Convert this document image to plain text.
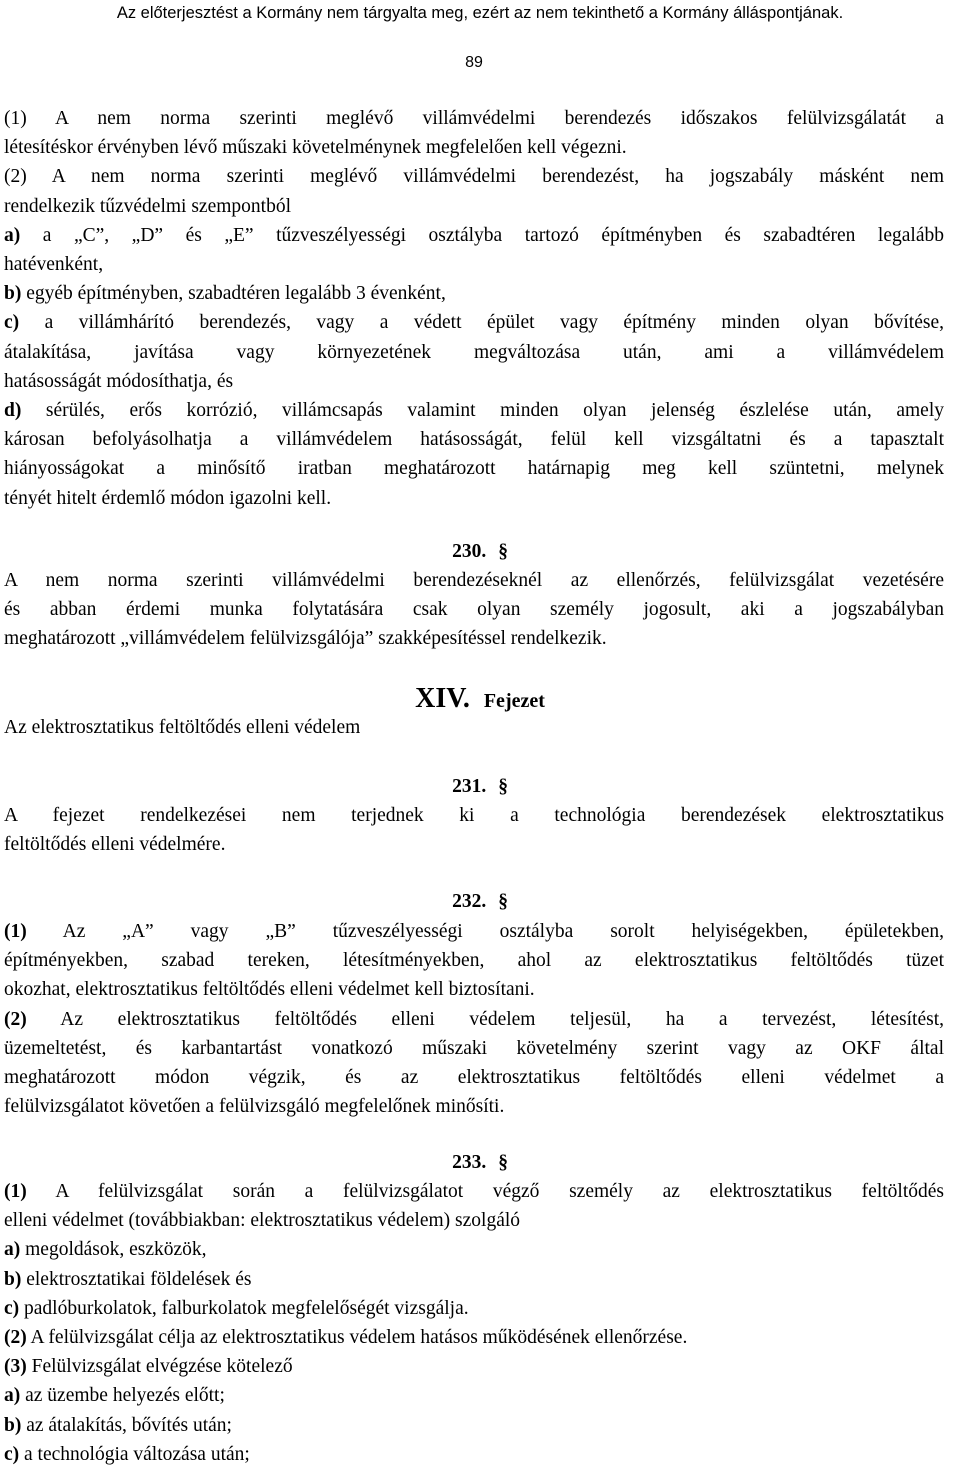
Az előterjesztést a Kormány nem tárgyalta meg, ezért az nem tekinthető a Kormány álláspontjának.
89
(1) A nem norma szerinti meglévő villámvédelmi berendezés időszakos felülvizsgálatát a
létesítéskor érvényben lévő műszaki követelménynek megfelelően kell végezni.
(2) A nem norma szerinti meglévő villámvédelmi berendezést, ha jogszabály másként nem
rendelkezik tűzvédelmi szempontból
a) a „C”, „D” és „E” tűzveszélyességi osztályba tartozó építményben és szabadtéren legalább
hatévenként,
b) egyéb építményben, szabadtéren legalább 3 évenként,
c) a villámhárító berendezés, vagy a védett épület vagy építmény minden olyan bővítése,
átalakítása, javítása vagy környezetének megváltozása után, ami a villámvédelem
hatásosságát módosíthatja, és
d) sérülés, erős korrózió, villámcsapás valamint minden olyan jelenség észlelése után, amely
károsan befolyásolhatja a villámvédelem hatásosságát, felül kell vizsgáltatni és a tapasztalt
hiányosságokat a minősítő iratban meghatározott határnapig meg kell szüntetni, melynek
tényét hitelt érdemlő módon igazolni kell.
230. §
A nem norma szerinti villámvédelmi berendezéseknél az ellenőrzés, felülvizsgálat vezetésére
és abban érdemi munka folytatására csak olyan személy jogosult, aki a jogszabályban
meghatározott „villámvédelem felülvizsgálója” szakképesítéssel rendelkezik.
XIV. Fejezet
Az elektrosztatikus feltöltődés elleni védelem
231. §
A fejezet rendelkezései nem terjednek ki a technológia berendezések elektrosztatikus
feltöltődés elleni védelmére.
232. §
(1) Az „A” vagy „B” tűzveszélyességi osztályba sorolt helyiségekben, épületekben,
építményekben, szabad tereken, létesítményekben, ahol az elektrosztatikus feltöltődés tüzet
okozhat, elektrosztatikus feltöltődés elleni védelmet kell biztosítani.
(2) Az elektrosztatikus feltöltődés elleni védelem teljesül, ha a tervezést, létesítést,
üzemeltetést, és karbantartást vonatkozó műszaki követelmény szerint vagy az OKF által
meghatározott módon végzik, és az elektrosztatikus feltöltődés elleni védelmet a
felülvizsgálatot követően a felülvizsgáló megfelelőnek minősíti.
233. §
(1) A felülvizsgálat során a felülvizsgálatot végző személy az elektrosztatikus feltöltődés
elleni védelmet (továbbiakban: elektrosztatikus védelem) szolgáló
a) megoldások, eszközök,
b) elektrosztatikai földelések és
c) padlóburkolatok, falburkolatok megfelelőségét vizsgálja.
(2) A felülvizsgálat célja az elektrosztatikus védelem hatásos működésének ellenőrzése.
(3) Felülvizsgálat elvégzése kötelező
a) az üzembe helyezés előtt;
b) az átalakítás, bővítés után;
c) a technológia változása után;
